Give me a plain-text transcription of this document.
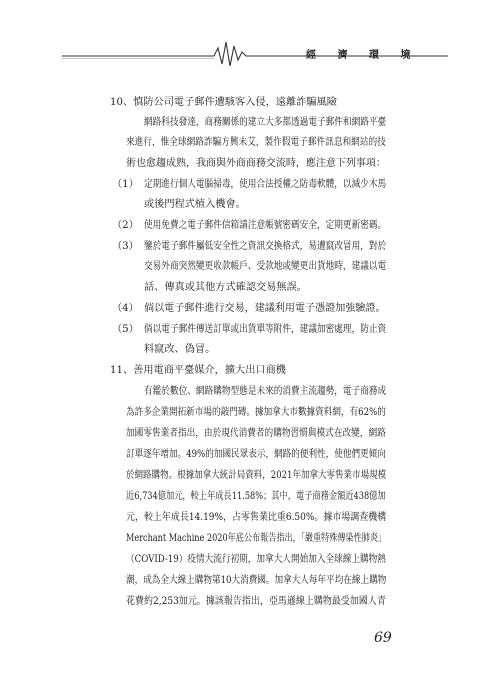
經 濟 環 境
10、慎防公司電子郵件遭駭客入侵，遠離詐騙風險
網路科技發達，商務關係的建立大多都透過電子郵件和網路平臺
來進行，惟全球網路詐騙方興未艾，製作假電子郵件訊息和網站的技
術也愈趨成熟，我商與外商商務交流時，應注意下列事項：
（1） 定期進行個人電腦掃毒，使用合法授權之防毒軟體，以減少木馬
或後門程式植入機會。
（2） 使用免費之電子郵件信箱請注意帳號密碼安全，定期更新密碼。
（3） 鑒於電子郵件屬低安全性之資訊交換格式，易遭竄改冒用，對於
交易外商突然變更收款帳戶、受款地或變更出貨地時，建議以電
話、傳真或其他方式確認交易無誤。
（4） 倘以電子郵件進行交易，建議利用電子憑證加強驗證。
（5） 倘以電子郵件傳送訂單或出貨單等附件，建議加密處理，防止資
料竄改、偽冒。
11、善用電商平臺媒介，擴大出口商機
有鑑於數位、網路購物型態是未來的消費主流趨勢，電子商務成
為許多企業開拓新市場的敲門磚。據加拿大市數據資料網，有62%的
加國零售業者指出，由於現代消費者的購物習慣與模式在改變，網路
訂單逐年增加。49%的加國民眾表示，網路的便利性，使他們更傾向
於網路購物。根據加拿大統計局資料，2021年加拿大零售業市場規模
近6,734億加元，較上年成長11.58%；其中，電子商務金額近438億加
元，較上年成長14.19%，占零售業比重6.50%。據市場調查機構
Merchant Machine 2020年底公布報告指出，「嚴重特殊傳染性肺炎」
（COVID-19）疫情大流行初期，加拿大人開始加入全球線上購物熱
潮，成為全大線上購物第10大消費國。加拿大人每年平均在線上購物
花費約2,253加元。據該報告指出，亞馬遜線上購物最受加國人青
69
